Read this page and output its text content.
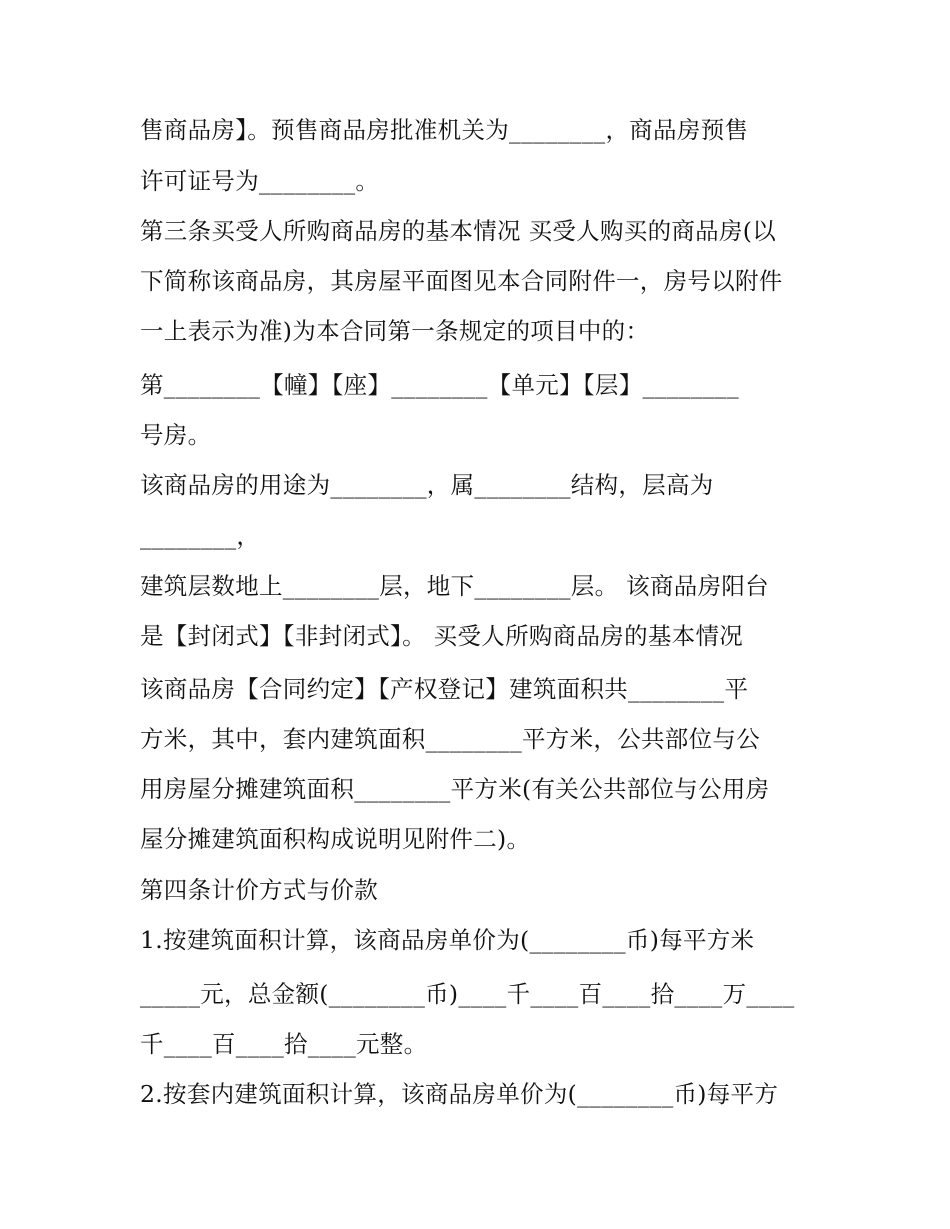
售商品房】。预售商品房批准机关为________，商品房预售
许可证号为________。
第三条买受人所购商品房的基本情况 买受人购买的商品房(以
下简称该商品房，其房屋平面图见本合同附件一，房号以附件
一上表示为准)为本合同第一条规定的项目中的：
第________【幢】【座】________【单元】【层】________
号房。
该商品房的用途为________，属________结构，层高为
________，
建筑层数地上________层，地下________层。 该商品房阳台
是【封闭式】【非封闭式】。 买受人所购商品房的基本情况
该商品房【合同约定】【产权登记】建筑面积共________平
方米，其中，套内建筑面积________平方米，公共部位与公
用房屋分摊建筑面积________平方米(有关公共部位与公用房
屋分摊建筑面积构成说明见附件二)。
第四条计价方式与价款
1.按建筑面积计算，该商品房单价为(________币)每平方米
_____元，总金额(________币)____千____百____拾____万____
千____百____拾____元整。
2.按套内建筑面积计算，该商品房单价为(________币)每平方
